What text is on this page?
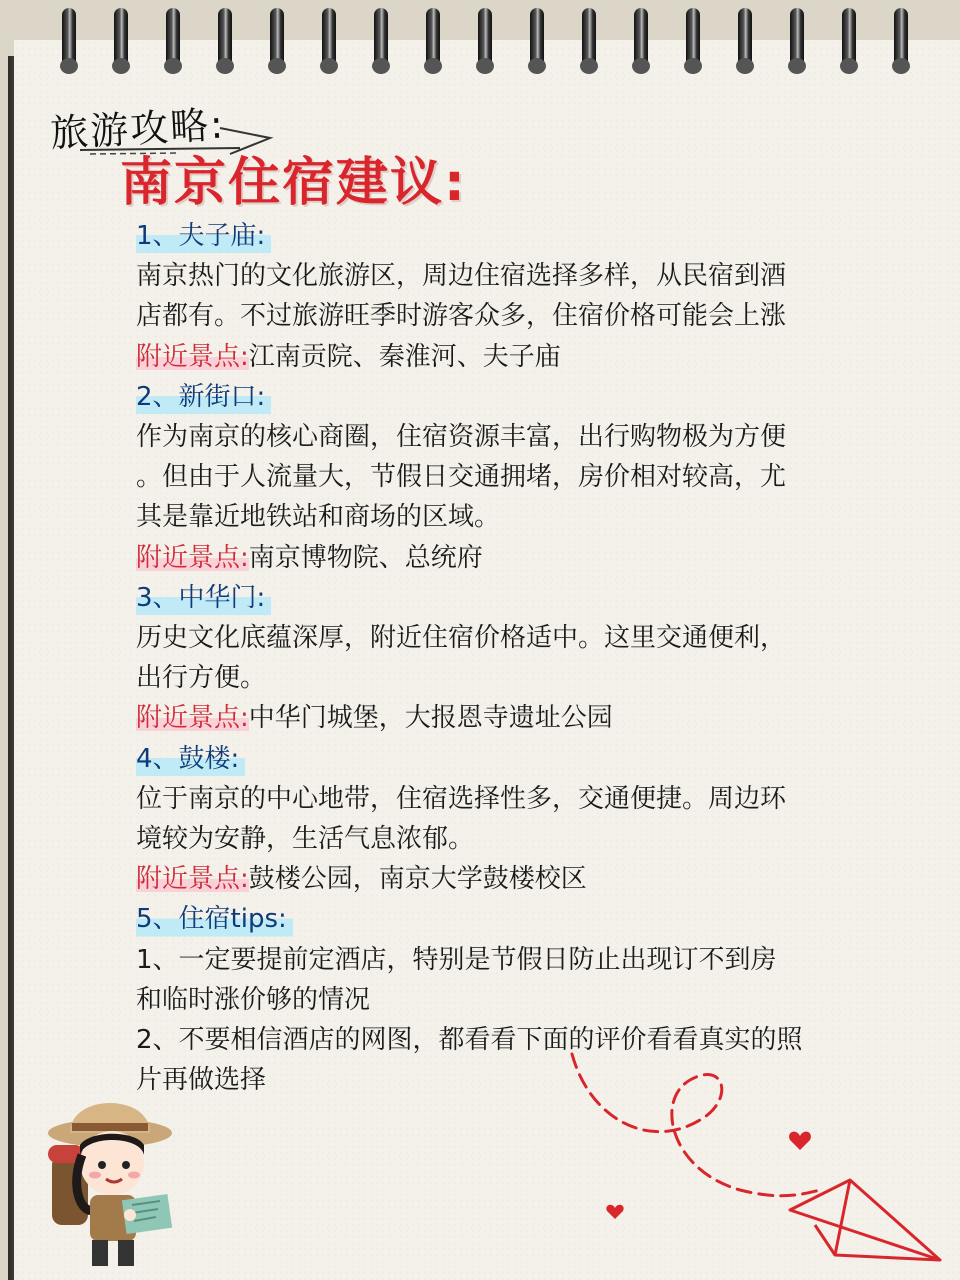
旅游攻略:
南京住宿建议:
1、夫子庙:
南京热门的文化旅游区，周边住宿选择多样，从民宿到酒
店都有。不过旅游旺季时游客众多，住宿价格可能会上涨
附近景点:江南贡院、秦淮河、夫子庙
2、新街口:
作为南京的核心商圈，住宿资源丰富，出行购物极为方便
。但由于人流量大，节假日交通拥堵，房价相对较高，尤
其是靠近地铁站和商场的区域。
附近景点:南京博物院、总统府
3、中华门:
历史文化底蕴深厚，附近住宿价格适中。这里交通便利，
出行方便。
附近景点:中华门城堡，大报恩寺遗址公园
4、鼓楼:
位于南京的中心地带，住宿选择性多，交通便捷。周边环
境较为安静，生活气息浓郁。
附近景点:鼓楼公园，南京大学鼓楼校区
5、住宿tips:
1、一定要提前定酒店，特别是节假日防止出现订不到房
和临时涨价够的情况
2、不要相信酒店的网图，都看看下面的评价看看真实的照
片再做选择
